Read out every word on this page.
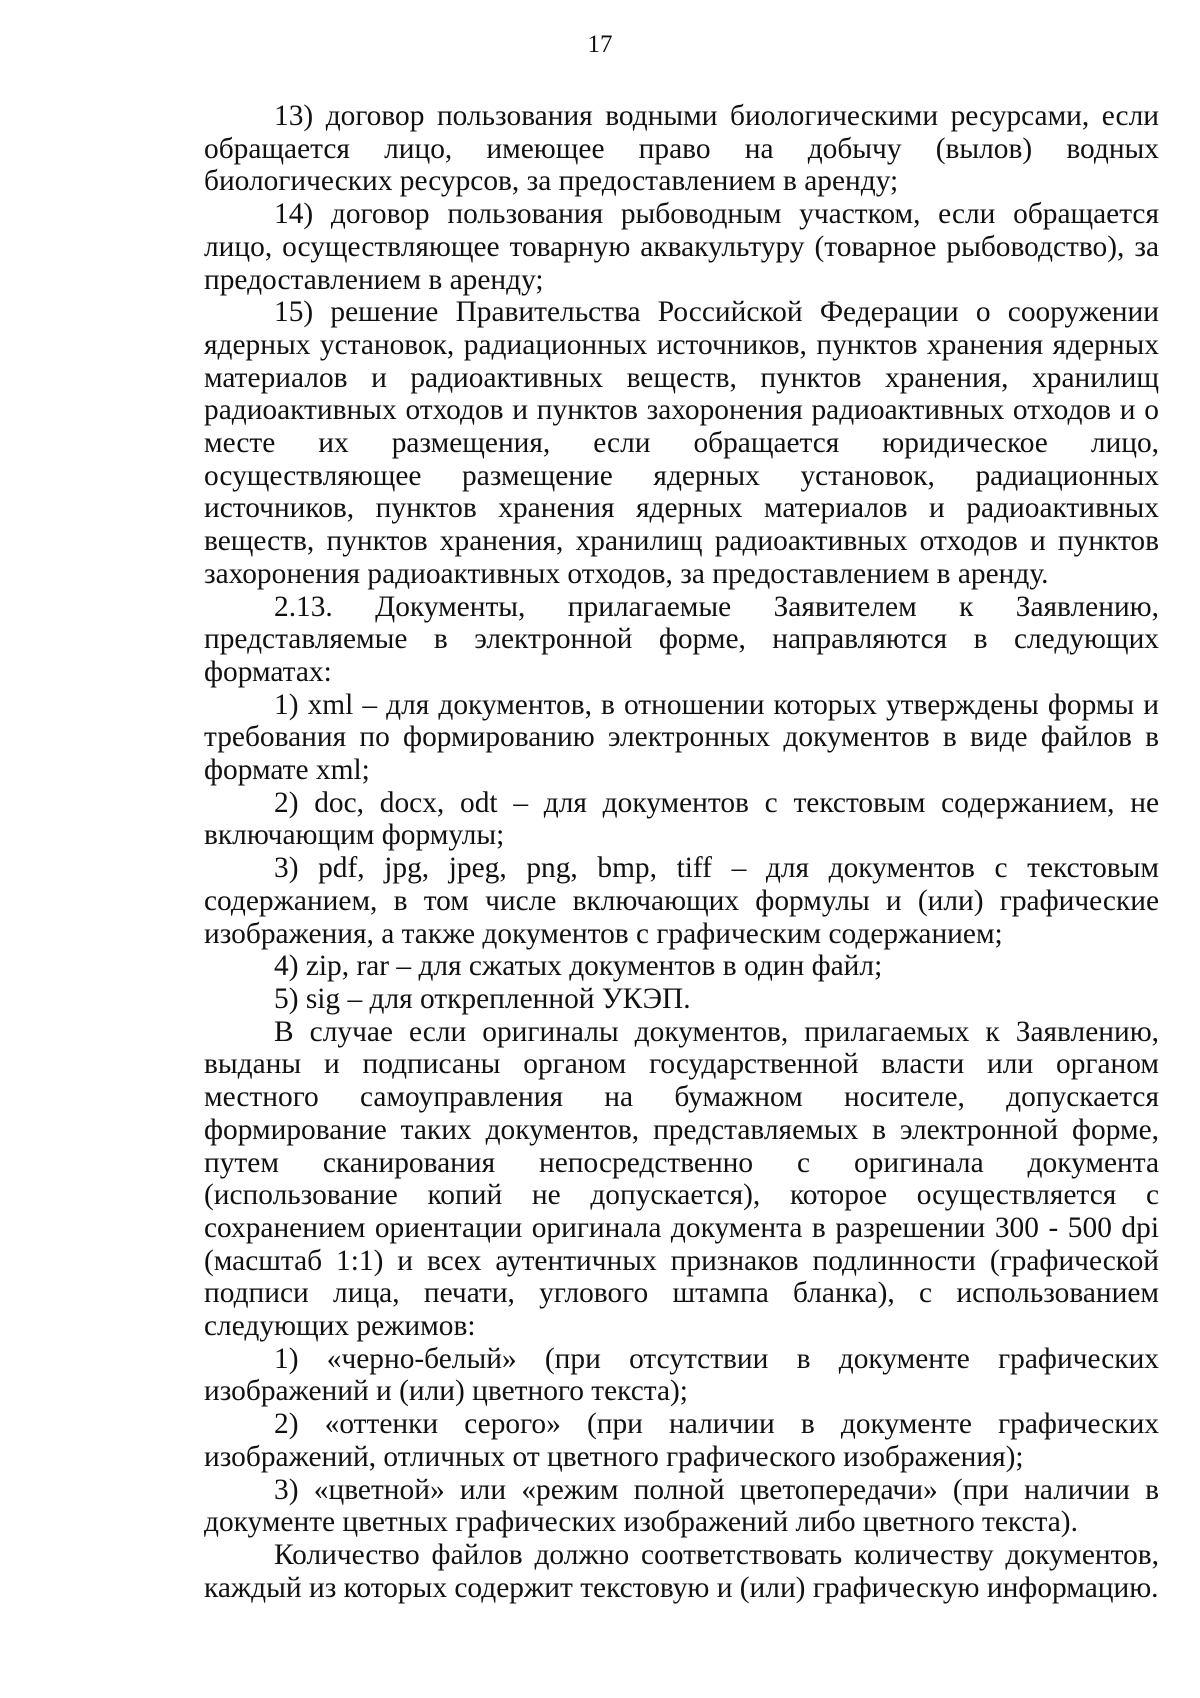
17

13) договор пользования водными биологическими ресурсами, если обращается лицо, имеющее право на добычу (вылов) водных биологических ресурсов, за предоставлением в аренду;

14) договор пользования рыбоводным участком, если обращается лицо, осуществляющее товарную аквакультуру (товарное рыбоводство), за предоставлением в аренду;

15) решение Правительства Российской Федерации о сооружении ядерных установок, радиационных источников, пунктов хранения ядерных материалов и радиоактивных веществ, пунктов хранения, хранилищ радиоактивных отходов и пунктов захоронения радиоактивных отходов и о месте их размещения, если обращается юридическое лицо, осуществляющее размещение ядерных установок, радиационных источников, пунктов хранения ядерных материалов и радиоактивных веществ, пунктов хранения, хранилищ радиоактивных отходов и пунктов захоронения радиоактивных отходов, за предоставлением в аренду.

2.13. Документы, прилагаемые Заявителем к Заявлению, представляемые в электронной форме, направляются в следующих форматах:

1) xml – для документов, в отношении которых утверждены формы и требования по формированию электронных документов в виде файлов в формате xml;

2) doc, docx, odt – для документов с текстовым содержанием, не включающим формулы;

3) pdf, jpg, jpeg, png, bmp, tiff – для документов с текстовым содержанием, в том числе включающих формулы и (или) графические изображения, а также документов с графическим содержанием;

4) zip, rar – для сжатых документов в один файл;

5) sig – для открепленной УКЭП.

В случае если оригиналы документов, прилагаемых к Заявлению, выданы и подписаны органом государственной власти или органом местного самоуправления на бумажном носителе, допускается формирование таких документов, представляемых в электронной форме, путем сканирования непосредственно с оригинала документа (использование копий не допускается), которое осуществляется с сохранением ориентации оригинала документа в разрешении 300 - 500 dpi (масштаб 1:1) и всех аутентичных признаков подлинности (графической подписи лица, печати, углового штампа бланка), с использованием следующих режимов:

1) «черно-белый» (при отсутствии в документе графических изображений и (или) цветного текста);

2) «оттенки серого» (при наличии в документе графических изображений, отличных от цветного графического изображения);

3) «цветной» или «режим полной цветопередачи» (при наличии в документе цветных графических изображений либо цветного текста).

Количество файлов должно соответствовать количеству документов, каждый из которых содержит текстовую и (или) графическую информацию.
